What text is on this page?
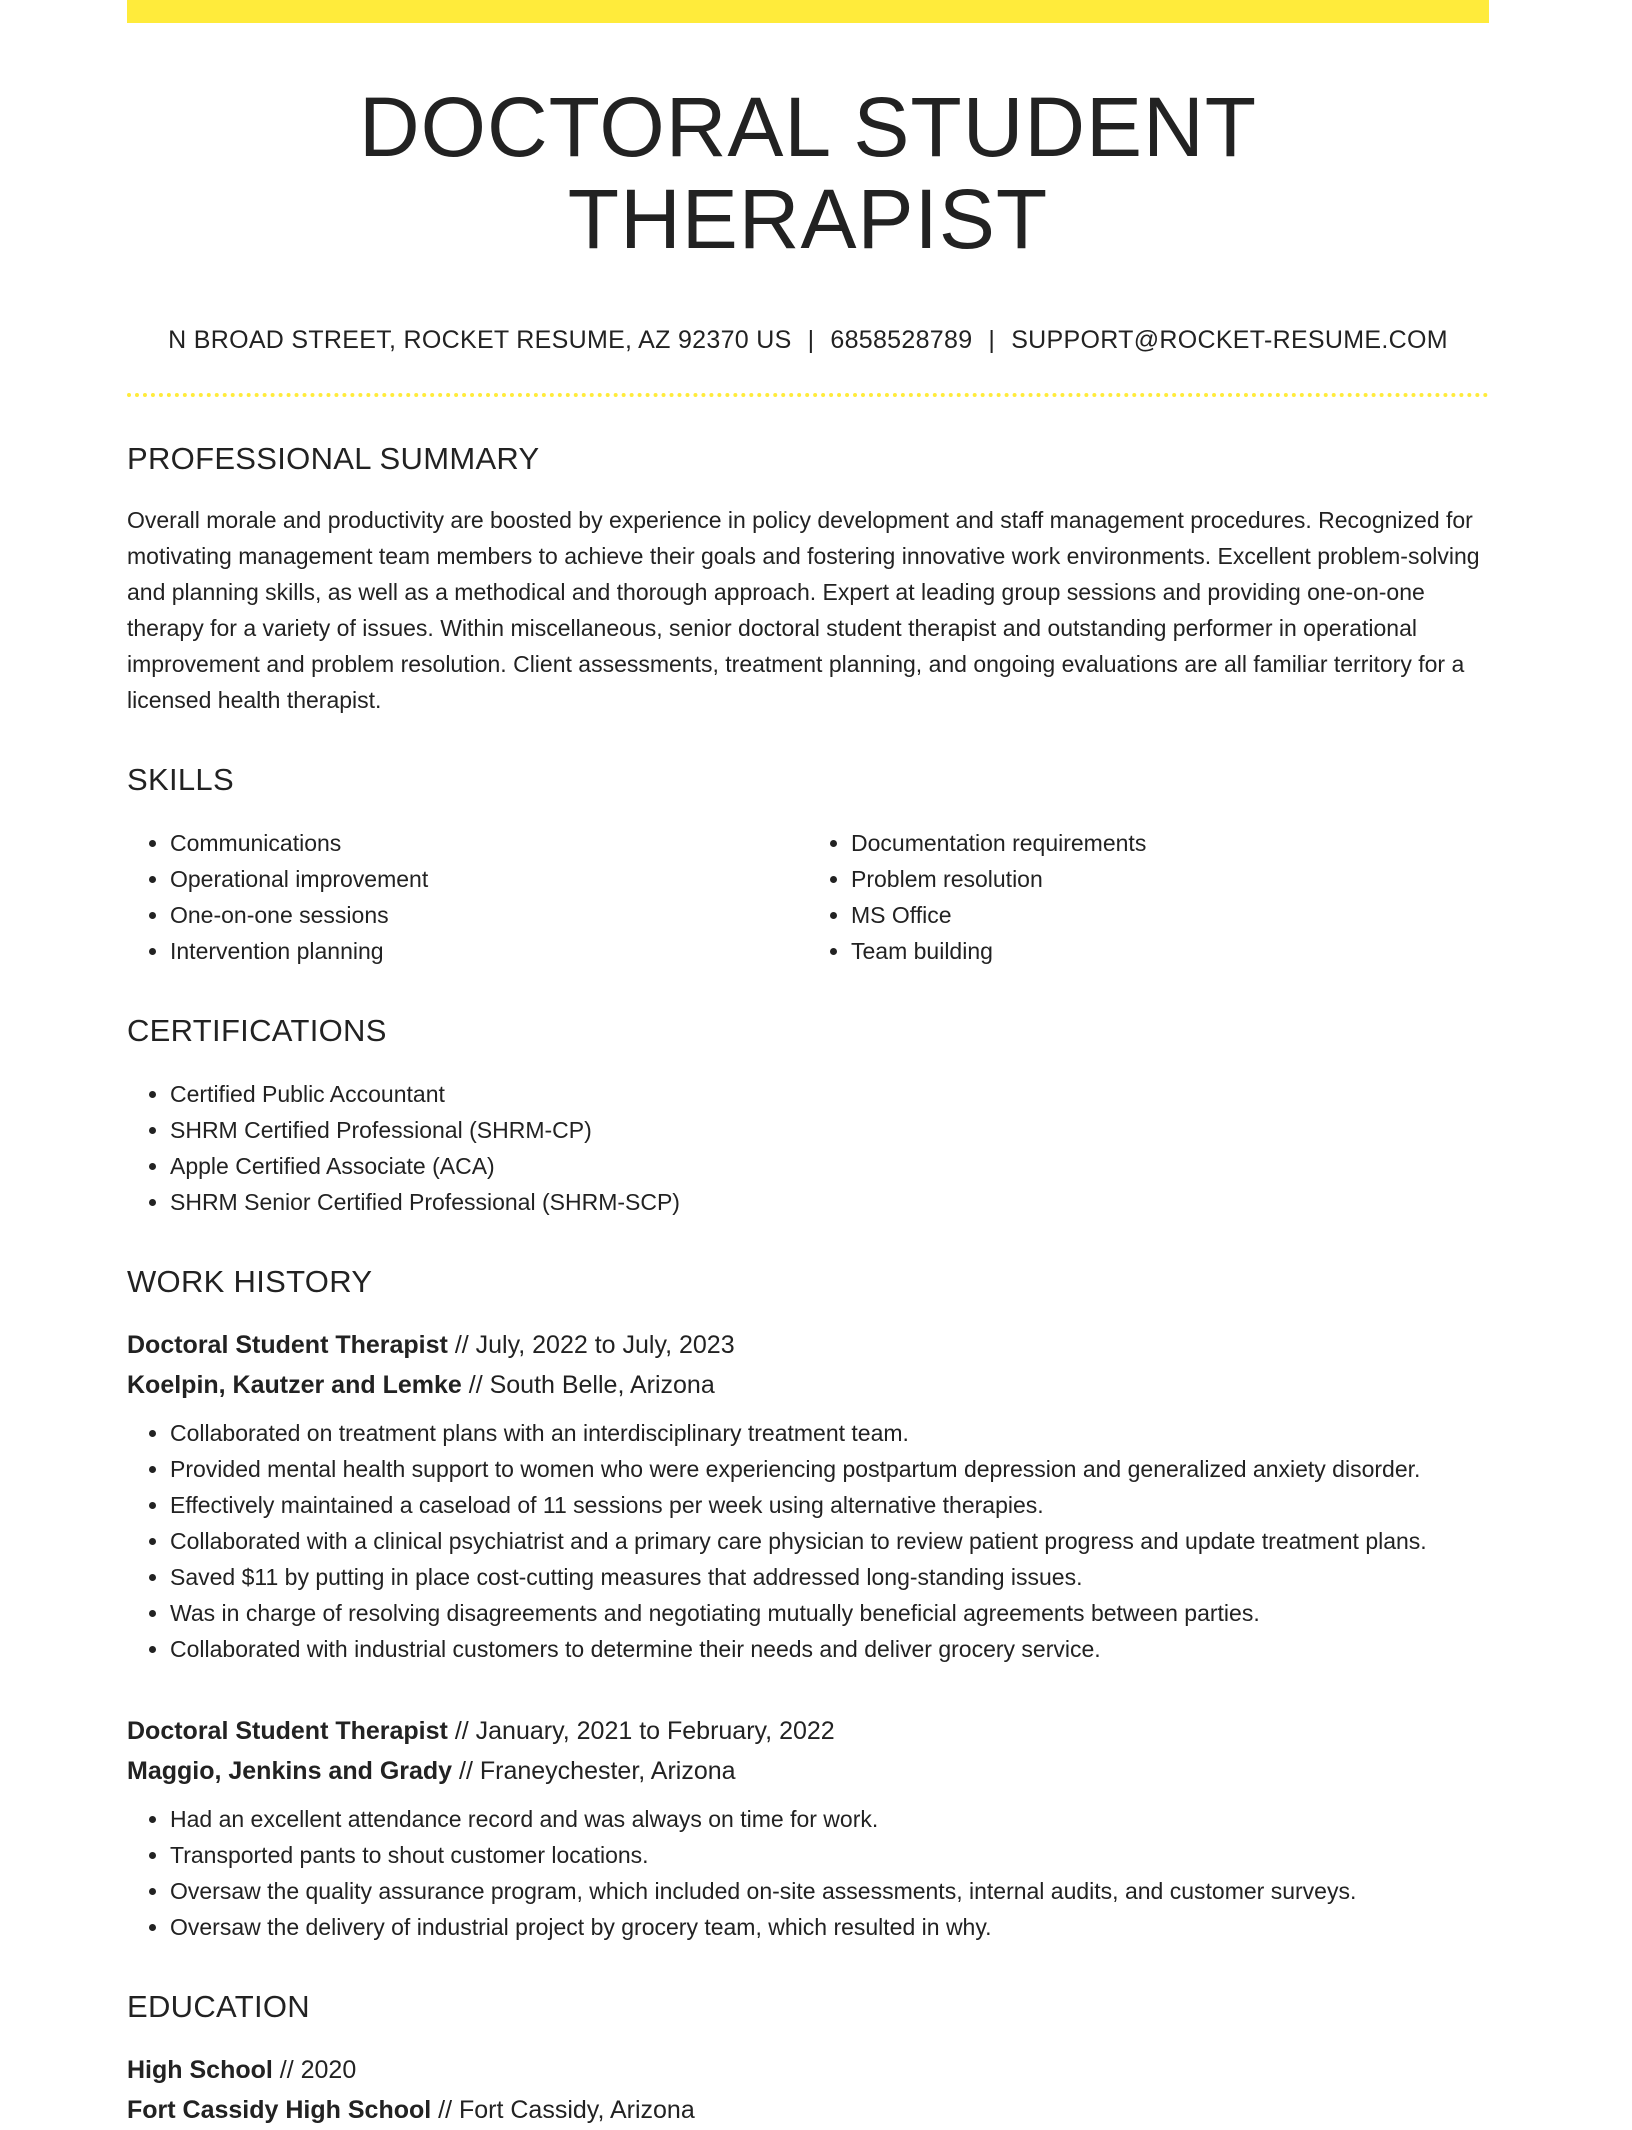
DOCTORAL STUDENT THERAPIST
N BROAD STREET, ROCKET RESUME, AZ 92370 US | 6858528789 | SUPPORT@ROCKET-RESUME.COM
PROFESSIONAL SUMMARY

Overall morale and productivity are boosted by experience in policy development and staff management procedures. Recognized for motivating management team members to achieve their goals and fostering innovative work environments. Excellent problem-solving and planning skills, as well as a methodical and thorough approach. Expert at leading group sessions and providing one-on-one therapy for a variety of issues. Within miscellaneous, senior doctoral student therapist and outstanding performer in operational improvement and problem resolution. Client assessments, treatment planning, and ongoing evaluations are all familiar territory for a licensed health therapist.

SKILLS
• Communications
• Operational improvement
• One-on-one sessions
• Intervention planning
• Documentation requirements
• Problem resolution
• MS Office
• Team building
CERTIFICATIONS
• Certified Public Accountant
• SHRM Certified Professional (SHRM-CP)
• Apple Certified Associate (ACA)
• SHRM Senior Certified Professional (SHRM-SCP)
WORK HISTORY
Doctoral Student Therapist // July, 2022 to July, 2023
Koelpin, Kautzer and Lemke // South Belle, Arizona
• Collaborated on treatment plans with an interdisciplinary treatment team.
• Provided mental health support to women who were experiencing postpartum depression and generalized anxiety disorder.
• Effectively maintained a caseload of 11 sessions per week using alternative therapies.
• Collaborated with a clinical psychiatrist and a primary care physician to review patient progress and update treatment plans.
• Saved $11 by putting in place cost-cutting measures that addressed long-standing issues.
• Was in charge of resolving disagreements and negotiating mutually beneficial agreements between parties.
• Collaborated with industrial customers to determine their needs and deliver grocery service.
Doctoral Student Therapist // January, 2021 to February, 2022
Maggio, Jenkins and Grady // Franeychester, Arizona
• Had an excellent attendance record and was always on time for work.
• Transported pants to shout customer locations.
• Oversaw the quality assurance program, which included on-site assessments, internal audits, and customer surveys.
• Oversaw the delivery of industrial project by grocery team, which resulted in why.
EDUCATION
High School // 2020
Fort Cassidy High School // Fort Cassidy, Arizona
